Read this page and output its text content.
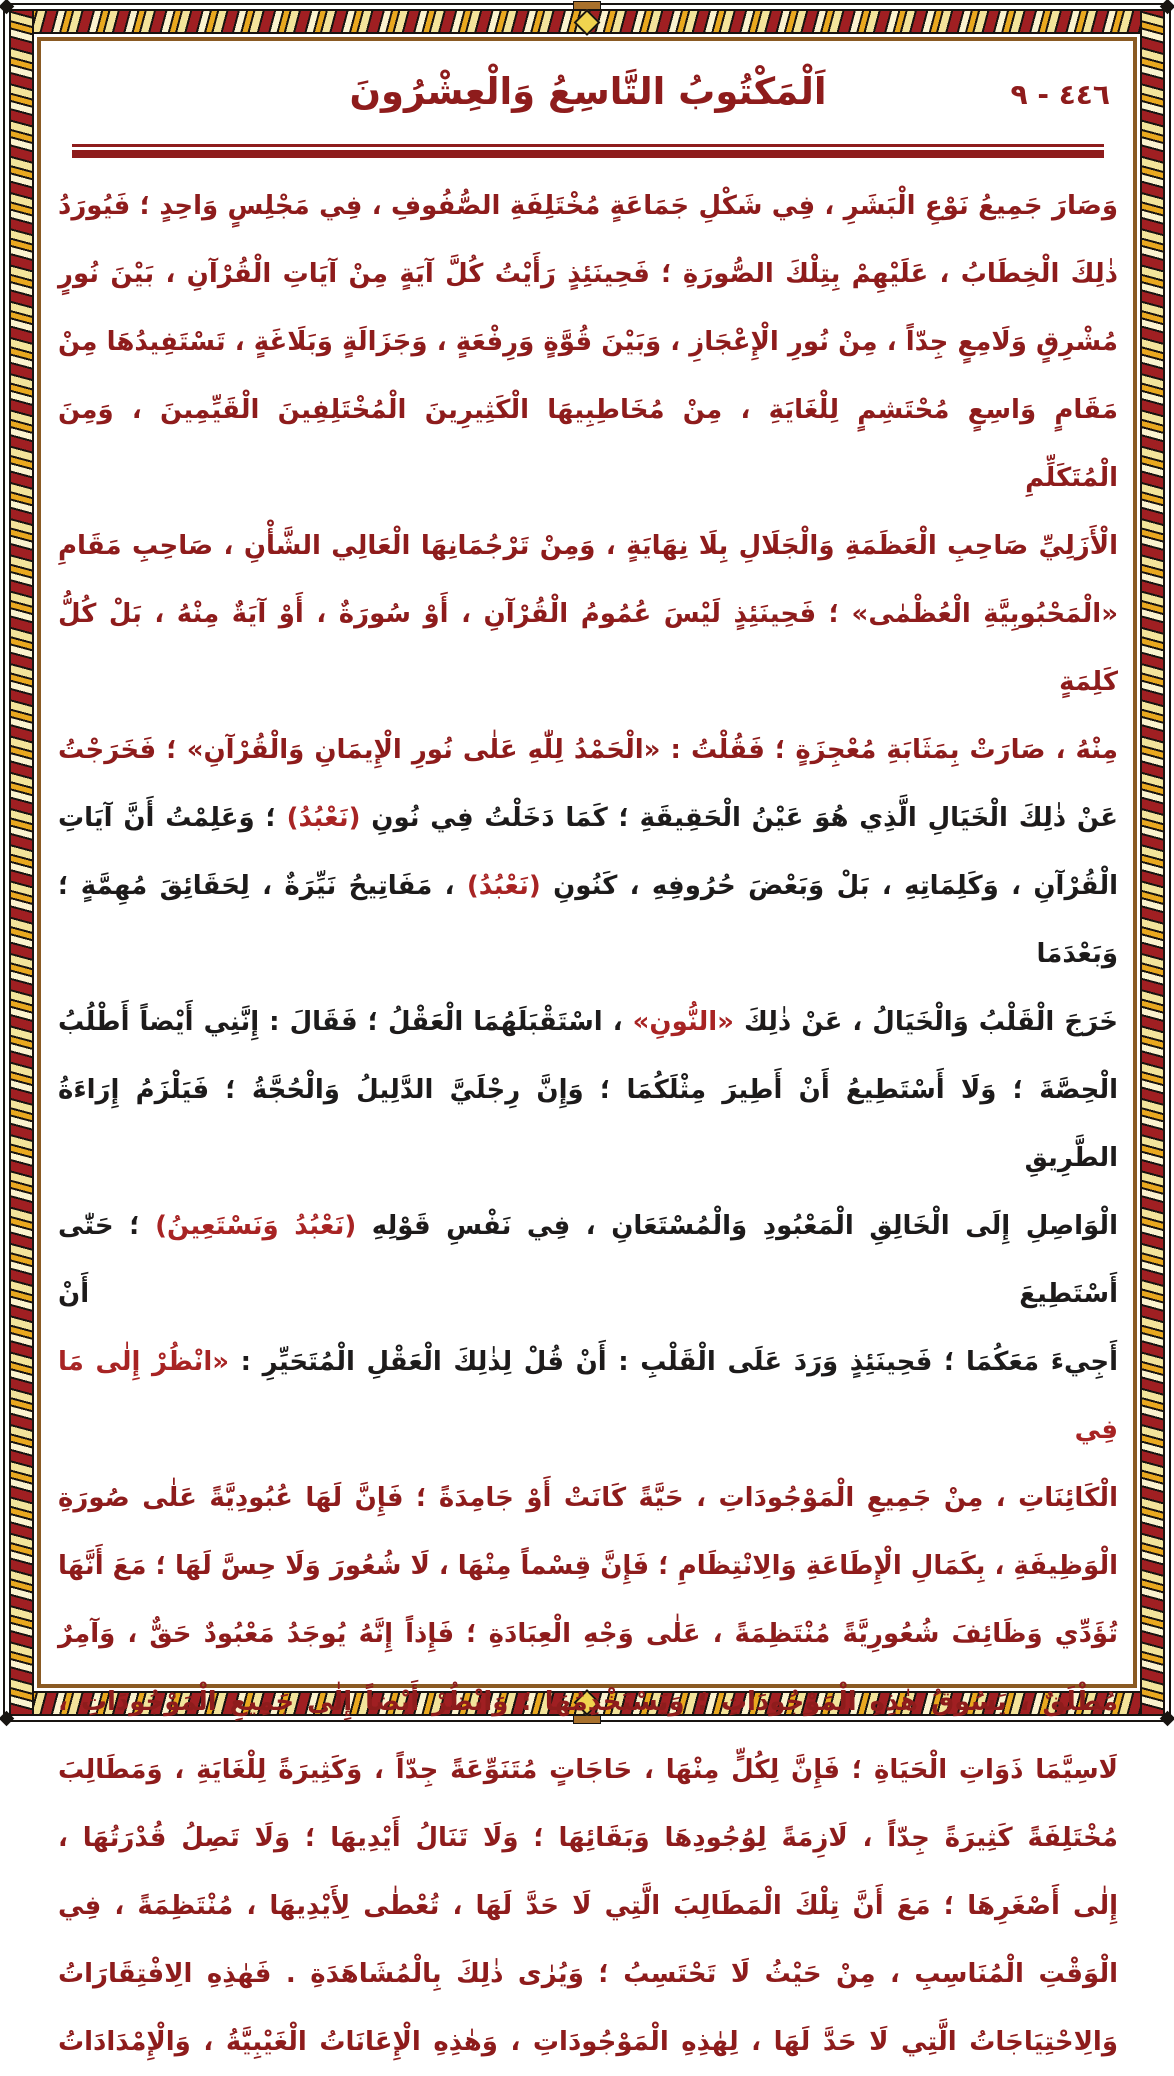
اَلْمَكْتُوبُ التَّاسِعُ وَالْعِشْرُونَ	٤٤٦ - ٩
وَصَارَ جَمِيعُ نَوْعِ الْبَشَرِ ، فِي شَكْلِ جَمَاعَةٍ مُخْتَلِفَةِ الصُّفُوفِ ، فِي مَجْلِسٍ وَاحِدٍ ؛ فَيُورَدُ
ذٰلِكَ الْخِطَابُ ، عَلَيْهِمْ بِتِلْكَ الصُّورَةِ ؛ فَحِينَئِذٍ رَأَيْتُ كُلَّ آيَةٍ مِنْ آيَاتِ الْقُرْآنِ ، بَيْنَ نُورٍ
مُشْرِقٍ وَلَامِعٍ جِدّاً ، مِنْ نُورِ الْإِعْجَازِ ، وَبَيْنَ قُوَّةٍ وَرِفْعَةٍ ، وَجَزَالَةٍ وَبَلَاغَةٍ ، تَسْتَفِيدُهَا مِنْ
مَقَامٍ وَاسِعٍ مُحْتَشِمٍ لِلْغَايَةِ ، مِنْ مُخَاطِبِيهَا الْكَثِيرِينَ الْمُخْتَلِفِينَ الْقَيِّمِينَ ، وَمِنَ الْمُتَكَلِّمِ
الْأَزَلِيِّ صَاحِبِ الْعَظَمَةِ وَالْجَلَالِ بِلَا نِهَايَةٍ ، وَمِنْ تَرْجُمَانِهَا الْعَالِي الشَّأْنِ ، صَاحِبِ مَقَامِ
«الْمَحْبُوبِيَّةِ الْعُظْمٰى» ؛ فَحِينَئِذٍ لَيْسَ عُمُومُ الْقُرْآنِ ، أَوْ سُورَةٌ ، أَوْ آيَةٌ مِنْهُ ، بَلْ كُلُّ كَلِمَةٍ
مِنْهُ ، صَارَتْ بِمَثَابَةِ مُعْجِزَةٍ ؛ فَقُلْتُ : «الْحَمْدُ لِلّٰهِ عَلٰى نُورِ الْإِيمَانِ وَالْقُرْآنِ» ؛ فَخَرَجْتُ
عَنْ ذٰلِكَ الْخَيَالِ الَّذِي هُوَ عَيْنُ الْحَقِيقَةِ ؛ كَمَا دَخَلْتُ فِي نُونِ (نَعْبُدُ) ؛ وَعَلِمْتُ أَنَّ آيَاتِ
الْقُرْآنِ ، وَكَلِمَاتِهِ ، بَلْ وَبَعْضَ حُرُوفِهِ ، كَنُونِ (نَعْبُدُ) ، مَفَاتِيحُ نَيِّرَةٌ ، لِحَقَائِقَ مُهِمَّةٍ ؛ وَبَعْدَمَا
خَرَجَ الْقَلْبُ وَالْخَيَالُ ، عَنْ ذٰلِكَ «النُّونِ» ، اسْتَقْبَلَهُمَا الْعَقْلُ ؛ فَقَالَ : إِنَّنِي أَيْضاً أَطْلُبُ
الْحِصَّةَ ؛ وَلَا أَسْتَطِيعُ أَنْ أَطِيرَ مِثْلَكُمَا ؛ وَإِنَّ رِجْلَيَّ الدَّلِيلُ وَالْحُجَّةُ ؛ فَيَلْزَمُ إِرَاءَةُ الطَّرِيقِ
الْوَاصِلِ إِلَى الْخَالِقِ الْمَعْبُودِ وَالْمُسْتَعَانِ ، فِي نَفْسِ قَوْلِهِ (نَعْبُدُ وَنَسْتَعِينُ) ؛ حَتّٰى أَسْتَطِيعَ أَنْ
أَجِيءَ مَعَكُمَا ؛ فَحِينَئِذٍ وَرَدَ عَلَى الْقَلْبِ : أَنْ قُلْ لِذٰلِكَ الْعَقْلِ الْمُتَحَيِّرِ : «انْظُرْ إِلٰى مَا فِي
الْكَائِنَاتِ ، مِنْ جَمِيعِ الْمَوْجُودَاتِ ، حَيَّةً كَانَتْ أَوْ جَامِدَةً ؛ فَإِنَّ لَهَا عُبُودِيَّةً عَلٰى صُورَةِ
الْوَظِيفَةِ ، بِكَمَالِ الْإِطَاعَةِ وَالِانْتِظَامِ ؛ فَإِنَّ قِسْماً مِنْهَا ، لَا شُعُورَ وَلَا حِسَّ لَهَا ؛ مَعَ أَنَّهَا
تُؤَدِّي وَظَائِفَ شُعُورِيَّةً مُنْتَظِمَةً ، عَلٰى وَجْهِ الْعِبَادَةِ ؛ فَإِذاً إِنَّهُ يُوجَدُ مَعْبُودٌ حَقٌّ ، وَآمِرٌ
مُطْلَقٌ ، يَسُوقُ هٰذِهِ الْمَوْجُودَاتِ ؛ وَيَسْتَخْدِمُهَا ؛ وَانْظُرْ أَيْضاً إِلٰى جَمِيعِ الْمَوْجُودَاتِ ،
لَاسِيَّمَا ذَوَاتِ الْحَيَاةِ ؛ فَإِنَّ لِكُلٍّ مِنْهَا ، حَاجَاتٍ مُتَنَوِّعَةً جِدّاً ، وَكَثِيرَةً لِلْغَايَةِ ، وَمَطَالِبَ
مُخْتَلِفَةً كَثِيرَةً جِدّاً ، لَازِمَةً لِوُجُودِهَا وَبَقَائِهَا ؛ وَلَا تَنَالُ أَيْدِيهَا ؛ وَلَا تَصِلُ قُدْرَتُهَا ،
إِلٰى أَصْغَرِهَا ؛ مَعَ أَنَّ تِلْكَ الْمَطَالِبَ الَّتِي لَا حَدَّ لَهَا ، تُعْطٰى لِأَيْدِيهَا ، مُنْتَظِمَةً ، فِي
الْوَقْتِ الْمُنَاسِبِ ، مِنْ حَيْثُ لَا تَحْتَسِبُ ؛ وَيُرٰى ذٰلِكَ بِالْمُشَاهَدَةِ . فَهٰذِهِ الِافْتِقَارَاتُ
وَالِاحْتِيَاجَاتُ الَّتِي لَا حَدَّ لَهَا ، لِهٰذِهِ الْمَوْجُودَاتِ ، وَهٰذِهِ الْإِعَانَاتُ الْغَيْبِيَّةُ ، وَالْإِمْدَادَاتُ
